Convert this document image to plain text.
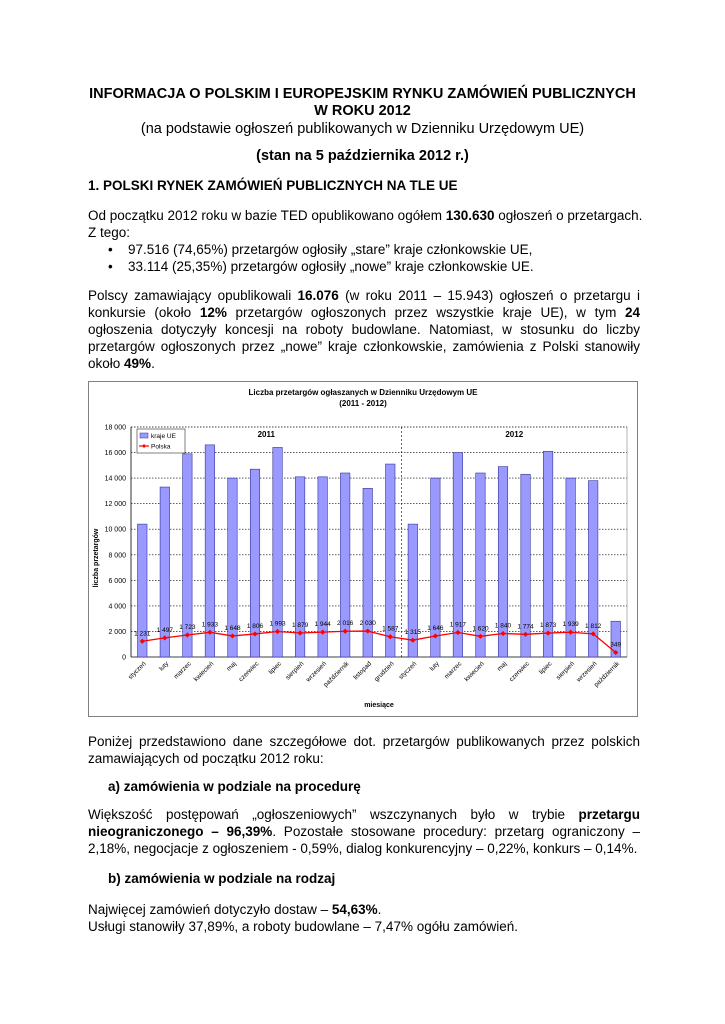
INFORMACJA O POLSKIM I EUROPEJSKIM RYNKU ZAMÓWIEŃ PUBLICZNYCH
W ROKU 2012
(na podstawie ogłoszeń publikowanych w Dzienniku Urzędowym UE)
(stan na 5 października 2012 r.)
1. POLSKI RYNEK ZAMÓWIEŃ PUBLICZNYCH NA TLE UE
Od początku 2012 roku w bazie TED opublikowano ogółem 130.630 ogłoszeń o przetargach.
Z tego:
• 97.516 (74,65%) przetargów ogłosiły „stare” kraje członkowskie UE,
• 33.114 (25,35%) przetargów ogłosiły „nowe” kraje członkowskie UE.
Polscy zamawiający opublikowali 16.076 (w roku 2011 – 15.943) ogłoszeń o przetargu i konkursie (około 12% przetargów ogłoszonych przez wszystkie kraje UE), w tym 24 ogłoszenia dotyczyły koncesji na roboty budowlane. Natomiast, w stosunku do liczby przetargów ogłoszonych przez „nowe” kraje członkowskie, zamówienia z Polski stanowiły około 49%.
Liczba przetargów ogłaszanych w Dzienniku Urzędowym UE
(2011 - 2012)
liczba przetargów
miesiące
0
2 000
4 000
6 000
8 000
10 000
12 000
14 000
16 000
18 000
2011	2012
styczeń luty marzec kwiecień maj czerwiec lipiec sierpień wrzesień
październik listopad grudzień styczeń luty marzec kwiecień maj czerwiec lipiec sierpień wrzesień
październik
1 231 1 497 1 723 1 933
1 648 1 806 1 993 1 879 1 944 2 016 2 030
1 587 1 315
1 646 1 917
1 620 1 840 1 774 1 873 1 939 1 812
349
kraje UE
Polska
Poniżej przedstawiono dane szczegółowe dot. przetargów publikowanych przez polskich zamawiających od początku 2012 roku:
a) zamówienia w podziale na procedurę
Większość postępowań „ogłoszeniowych” wszczynanych było w trybie przetargu nieograniczonego – 96,39%. Pozostałe stosowane procedury: przetarg ograniczony – 2,18%, negocjacje z ogłoszeniem - 0,59%, dialog konkurencyjny – 0,22%, konkurs – 0,14%.
b) zamówienia w podziale na rodzaj
Najwięcej zamówień dotyczyło dostaw – 54,63%.
Usługi stanowiły 37,89%, a roboty budowlane – 7,47% ogółu zamówień.
